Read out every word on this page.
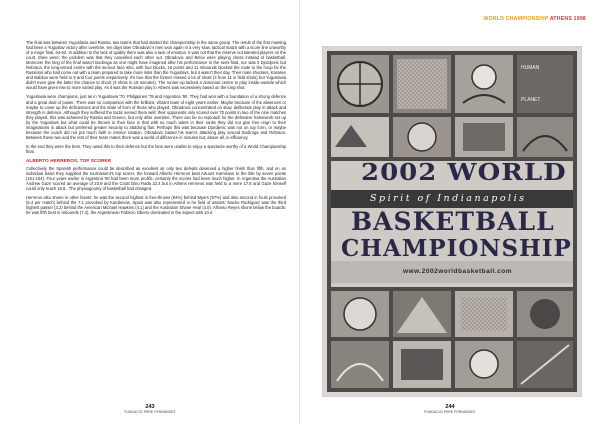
The final was between Yugoslavia and Russia, two teams that had started the championship in the same group. The result of the first meeting had been a Yugoslav victory after overtime, ten days later Obradovic's men won again in a very slow, tactical match with a score line unworthy of a major final, 64-62. In addition to the lack of quality there was also a lack of emotion. It was not that the reserve not talented players on the court, there were; the problem was that they cancelled each other out. Obradovic and Belov were playing chess instead of basketball. Moreover the king of the final wasn't Bodiroga as one might have imagined after his performance in the semi-final, nor was it Djordjevic but Rebraca, the long-armed centre with the serious face who, with four blocks, 16 points and 11 rebounds blocked the route to the hoop for the Russians who had come out with a team prepared to take more risks than the Yugoslavs, but it wasn't their day. Their main shooters, Karasev and Babkov were held to 9 and four points respectively. It's true that the former missed a lot of shots (3 from 11 in field shots) but Yugoslavia didn't even give the latter the chance to shoot (3 shots in 18 minutes). The runner-up lacked a dominant centre to play inside-outside which would have given rise to more varied play. As it was the Russian play in Athens was excessively based on the long shot.

Yugoslavia were champions, just as in Yugoslavia '70, Philippines '78 and Argentina '90. They had won with a foundation of a strong defence and a great deal of power. There was no comparison with the brilliant, vibrant team of eight years earlier. Maybe because of the absences or maybe to cover up the deficiencies and the state of form of those who played, Obradovic concentrated on slow, deliberate play in attack and strength in defence. Although they suffered the tactic served them well: their opponents only scored over 70 points in two of the nine matches they played, this was achieved by Russia and Greece, but only after overtime. There can be no reproach for the defensive framework set up by the Yugoslavs but what could be thrown in their face is that with so much talent in their ranks they did not give free reign to their imaginations in attack but preferred greater security to attacking flair. Perhaps this was because Djordjevic was not on top form, or maybe because the coach did not put much faith in interior rotation. Obradovic based his team's attacking play around Bodiroga and Rebraca. Between these two and the rest of their team mates there was a world of difference in minutes but, above all, in efficiency.

In the end they were the best. They owed this to their defence but the fans were unable to enjoy a spectacle worthy of a World Championship final.

ALBERTO HERREROS, TOP SCORER

Collectively the Spanish performance could be described as excellent as only two defeats deserved a higher finish than fifth, and on an individual basis they supplied the tournament's top scorer, the forward Alberto Herreros beat Artuurs Karnisovs to the title by seven points (161-154). Four years earlier in Argentina '90 had been more prolific, certainly the scores had been much higher. In Argentina the Australian Andrew Gaze scored an average of 23.9 and the Croat Dino Rađa 22.4 but in Athens Herreros was held to a mere 17.8 and Gaze himself could only reach 16.8.. The physiognomy of basketball had changed.

Herreros also shone in other facets: he was the second highest in free-throws (94%) behind Myers (97%) and also second in fouls provoked (5.4 per match) behind the 7.1 provoked by Kambevas. Spain was also represented in he field of assists: Nacho Rodriguez was the third highest passer (3.2) behind the American Michael Hawkins (4.1) and the Australian Shane Heal (4.0). Alfonso Reyes shone below the boards: he was fifth best in rebounds (7.2), the Argentinean Fabricio Oberto dominated in the aspect with 10.4.

243
FUNDACIÓ PERE FERNÁNDEZ
WORLD CHAMPIONSHIP ATHENS 1998
HUMAN
PLANET
2002 WORLD
Spirit of Indianapolis
BASKETBALL
CHAMPIONSHIP
www.2002worldbasketball.com
244
FUNDACIÓ PERE FERNÁNDEZ
